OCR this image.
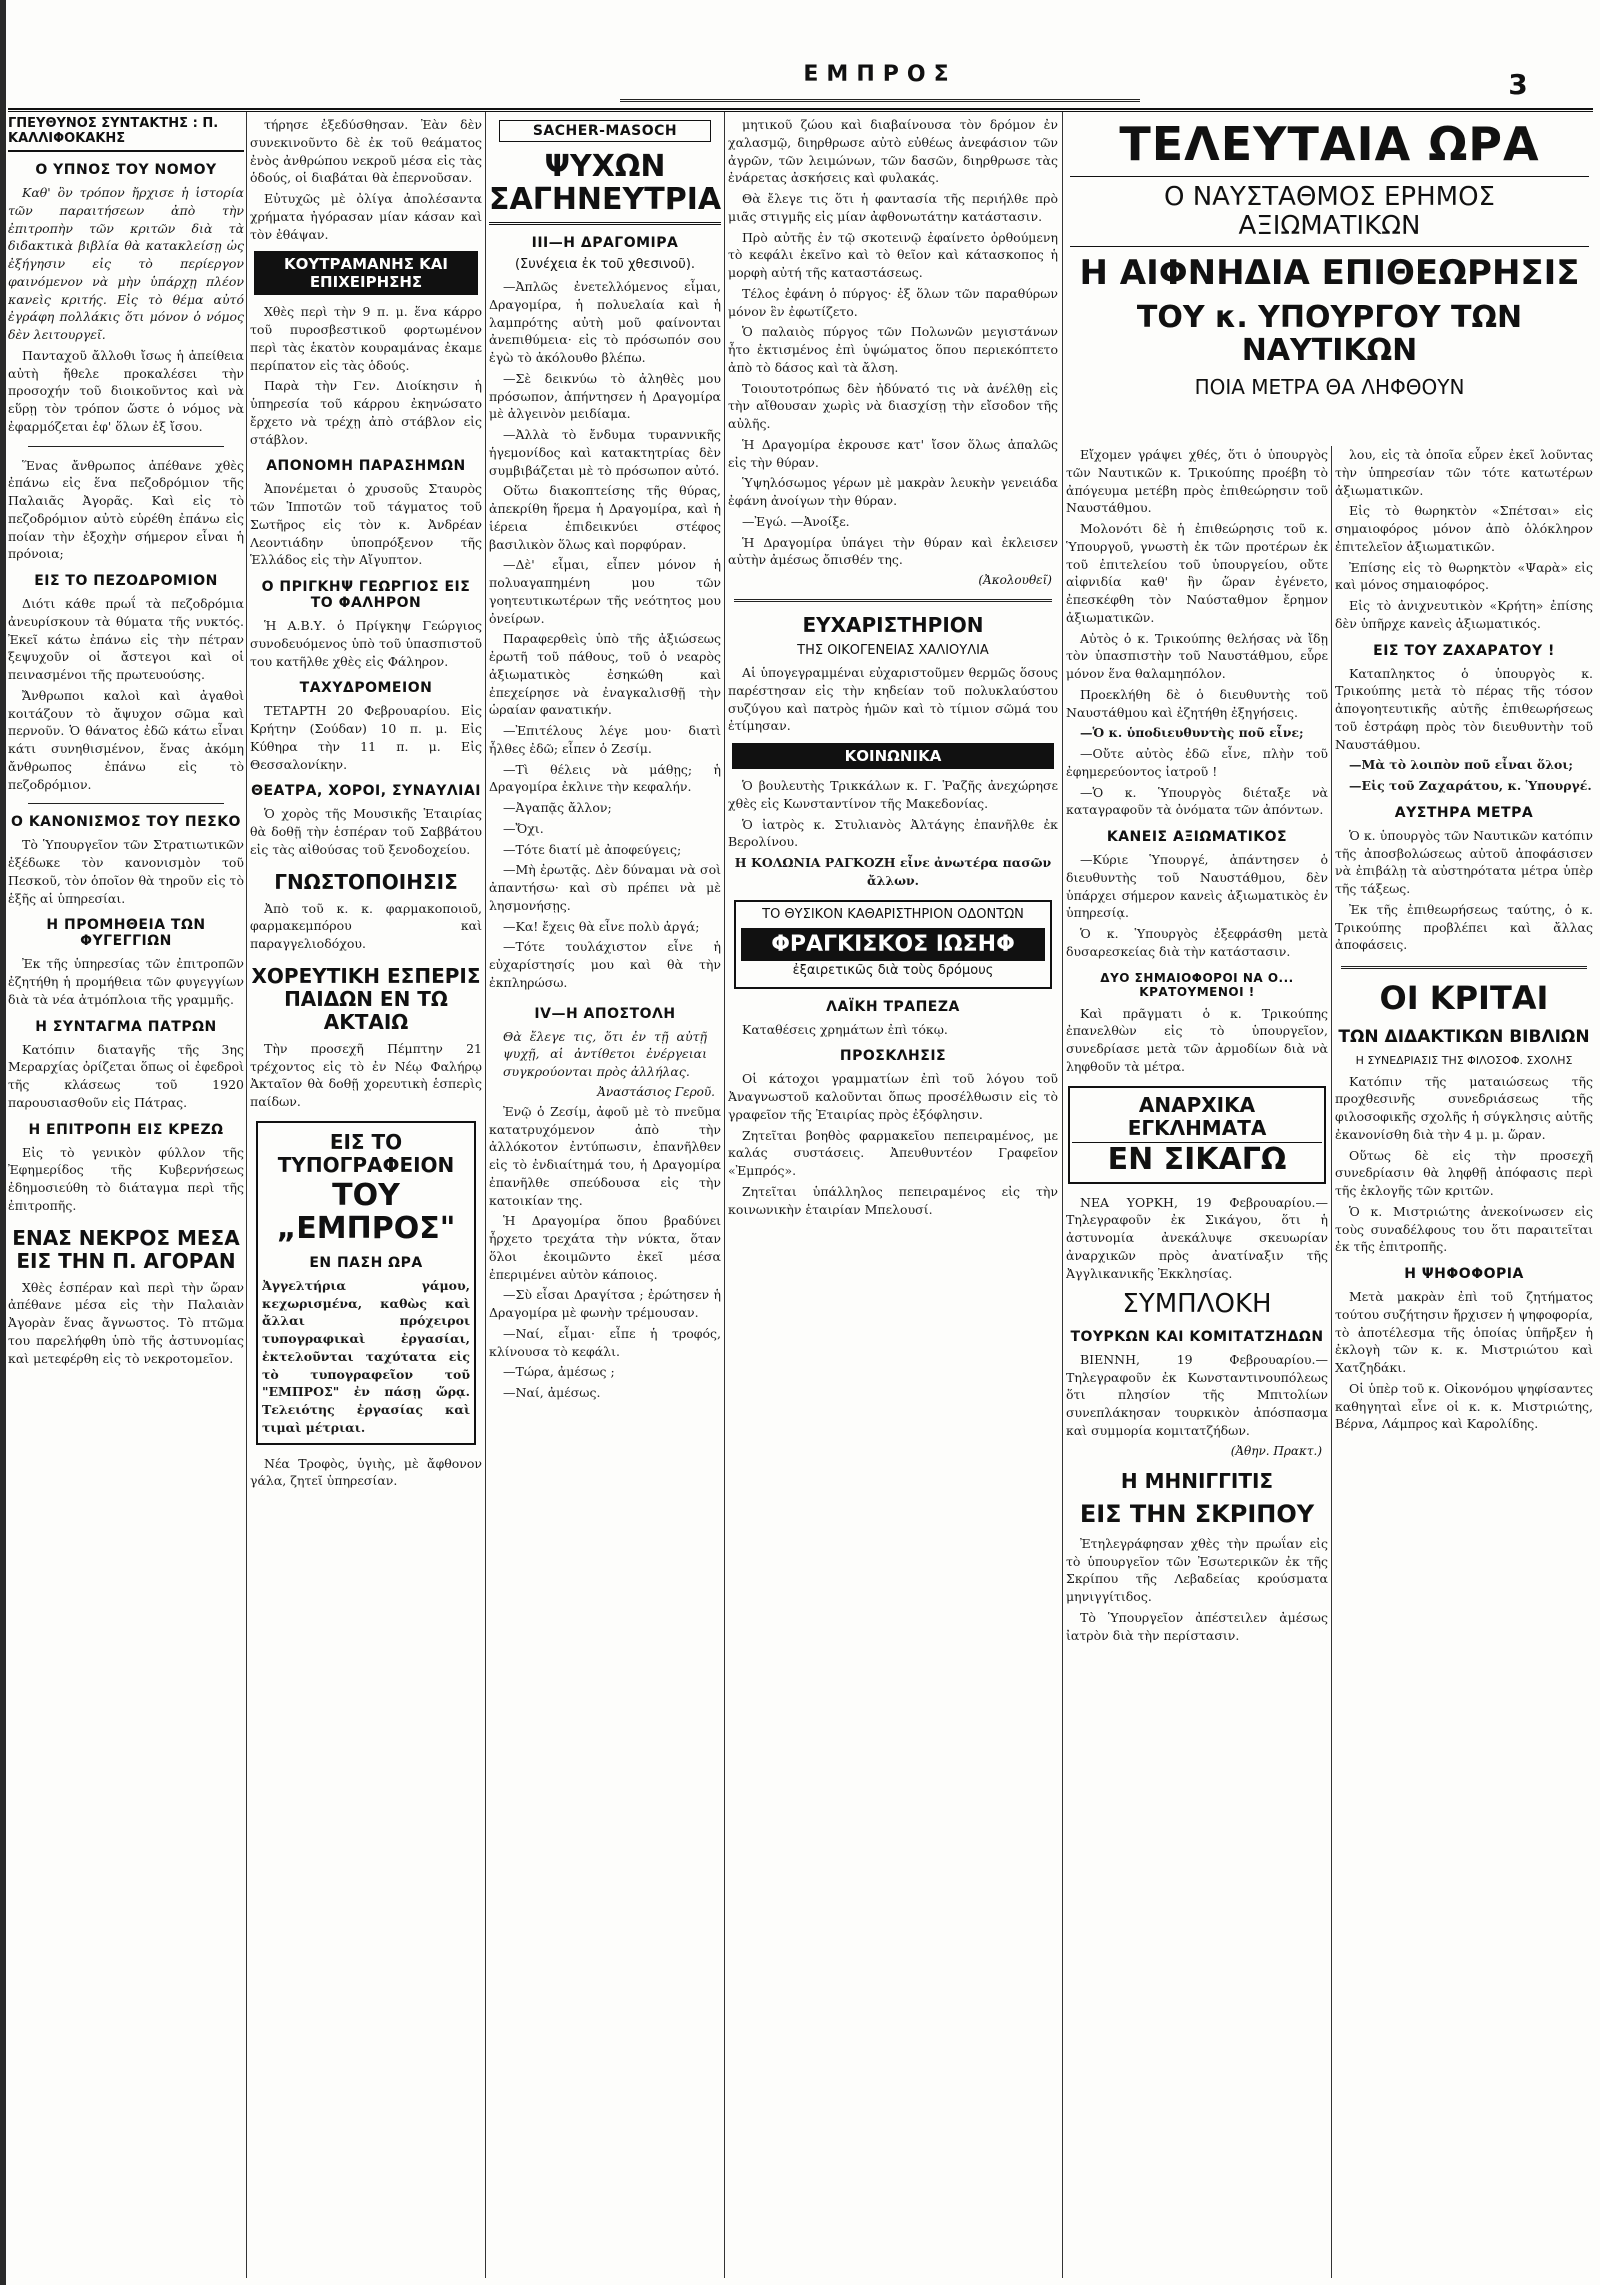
ΕΜΠΡΟΣ	3
ΓΠΕΥΘΥΝΟΣ ΣΥΝΤΑΚΤΗΣ : Π. ΚΑΛΛΙΦΟΚΑΚΗΣ
Ο ΥΠΝΟΣ ΤΟΥ ΝΟΜΟΥ

Καθ' ὃν τρόπον ἤρχισε ἡ ἱστορία τῶν παραιτήσεων ἀπὸ τὴν ἐπιτροπὴν τῶν κριτῶν διὰ τὰ διδακτικὰ βιβλία θὰ κατακλείσῃ ὡς ἐξήγησιν εἰς τὸ περίεργον φαινόμενον νὰ μὴν ὑπάρχῃ πλέον κανεὶς κριτής. Εἰς τὸ θέμα αὐτό ἐγράφη πολλάκις ὅτι μόνον ὁ νόμος δὲν λειτουργεῖ.

Πανταχοῦ ἄλλοθι ἴσως ἡ ἀπείθεια αὐτὴ ἤθελε προκαλέσει τὴν προσοχήν τοῦ διοικοῦντος καὶ νὰ εὕρῃ τὸν τρόπον ὥστε ὁ νόμος νὰ ἐφαρμόζεται ἐφ' ὅλων ἐξ ἴσου.

Ἕνας ἄνθρωπος ἀπέθανε χθὲς ἐπάνω εἰς ἕνα πεζοδρόμιον τῆς Παλαιᾶς Ἀγορᾶς. Καὶ εἰς τὸ πεζοδρόμιον αὐτὸ εὑρέθη ἐπάνω εἰς ποίαν τὴν ἐξοχὴν σήμερον εἶναι ἡ πρόνοια;

ΕΙΣ ΤΟ ΠΕΖΟΔΡΟΜΙΟΝ

Διότι κάθε πρωΐ τὰ πεζοδρόμια ἀνευρίσκουν τὰ θύματα τῆς νυκτός. Ἐκεῖ κάτω ἐπάνω εἰς τὴν πέτραν ξεψυχοῦν οἱ ἄστεγοι καὶ οἱ πεινασμένοι τῆς πρωτευούσης.

Ἄνθρωποι καλοὶ καὶ ἀγαθοὶ κοιτάζουν τὸ ἄψυχον σῶμα καὶ περνοῦν. Ὁ θάνατος ἐδῶ κάτω εἶναι κάτι συνηθισμένον, ἕνας ἀκόμη ἄνθρωπος ἐπάνω εἰς τὸ πεζοδρόμιον.

Ο ΚΑΝΟΝΙΣΜΟΣ ΤΟΥ ΠΕΣΚΟ

Τὸ Ὑπουργεῖον τῶν Στρατιωτικῶν ἐξέδωκε τὸν κανονισμὸν τοῦ Πεσκοῦ, τὸν ὁποῖον θὰ τηροῦν εἰς τὸ ἑξῆς αἱ ὑπηρεσίαι.

Η ΠΡΟΜΗΘΕΙΑ ΤΩΝ ΦΥΓΕΓΓΙΩΝ

Ἐκ τῆς ὑπηρεσίας τῶν ἐπιτροπῶν ἐζητήθη ἡ προμήθεια τῶν φυγεγγίων διὰ τὰ νέα ἀτμόπλοια τῆς γραμμῆς.

Η ΣΥΝΤΑΓΜΑ ΠΑΤΡΩΝ

Κατόπιν διαταγῆς τῆς 3ης Μεραρχίας ὀρίζεται ὅπως οἱ ἐφεδροὶ τῆς κλάσεως τοῦ 1920 παρουσιασθοῦν εἰς Πάτρας.

Η ΕΠΙΤΡΟΠΗ ΕΙΣ ΚΡΕΖΩ

Εἰς τὸ γενικὸν φύλλον τῆς Ἐφημερίδος τῆς Κυβερνήσεως ἐδημοσιεύθη τὸ διάταγμα περὶ τῆς ἐπιτροπῆς.

ΕΝΑΣ ΝΕΚΡΟΣ ΜΕΣΑ ΕΙΣ ΤΗΝ Π. ΑΓΟΡΑΝ

Χθὲς ἑσπέραν καὶ περὶ τὴν ὥραν ἀπέθανε μέσα εἰς τὴν Παλαιὰν Ἀγορὰν ἕνας ἄγνωστος. Τὸ πτῶμα του παρελήφθη ὑπὸ τῆς ἀστυνομίας καὶ μετεφέρθη εἰς τὸ νεκροτομεῖον.

τήρησε ἐξεδύσθησαν. Ἐὰν δὲν συνεκινοῦντο δὲ ἐκ τοῦ θεάματος ἐνὸς ἀνθρώπου νεκροῦ μέσα εἰς τὰς ὁδούς, οἱ διαβάται θὰ ἐπερνοῦσαν.

Εὐτυχῶς μὲ ὀλίγα ἀπολέσαντα χρήματα ἠγόρασαν μίαν κάσαν καὶ τὸν ἐθάψαν.

ΚΟΥΤΡΑΜΑΝΗΣ ΚΑΙ ΕΠΙΧΕΙΡΗΣΗΣ

Χθὲς περὶ τὴν 9 π. μ. ἕνα κάρρο τοῦ πυροσβεστικοῦ φορτωμένον περὶ τὰς ἑκατὸν κουραμάνας ἐκαμε περίπατον εἰς τὰς ὁδούς.

Παρὰ τὴν Γεν. Διοίκησιν ἡ ὑπηρεσία τοῦ κάρρου ἐκηνώσατο ἔρχετο νὰ τρέχῃ ἀπὸ στάβλον εἰς στάβλον.

ΑΠΟΝΟΜΗ ΠΑΡΑΣΗΜΩΝ

Ἀπονέμεται ὁ χρυσοῦς Σταυρὸς τῶν Ἱπποτῶν τοῦ τάγματος τοῦ Σωτῆρος εἰς τὸν κ. Ἀνδρέαν Λεοντιάδην ὑποπρόξενον τῆς Ἑλλάδος εἰς τὴν Αἴγυπτον.

Ο ΠΡΙΓΚΗΨ ΓΕΩΡΓΙΟΣ ΕΙΣ ΤΟ ΦΑΛΗΡΟΝ

Ἡ Α.Β.Υ. ὁ Πρίγκηψ Γεώργιος συνοδευόμενος ὑπὸ τοῦ ὑπασπιστοῦ του κατῆλθε χθὲς εἰς Φάληρον.

ΤΑΧΥΔΡΟΜΕΙΟΝ

ΤΕΤΑΡΤΗ 20 Φεβρουαρίου. Εἰς Κρήτην (Σούδαν) 10 π. μ. Εἰς Κύθηρα τὴν 11 π. μ. Εἰς Θεσσαλονίκην.

ΘΕΑΤΡΑ, ΧΟΡΟΙ, ΣΥΝΑΥΛΙΑΙ

Ὁ χορὸς τῆς Μουσικῆς Ἑταιρίας θὰ δοθῇ τὴν ἑσπέραν τοῦ Σαββάτου εἰς τὰς αἰθούσας τοῦ ξενοδοχείου.

ΓΝΩΣΤΟΠΟΙΗΣΙΣ

Ἀπὸ τοῦ κ. κ. φαρμακοποιοῦ, φαρμακεμπόρου καὶ παραγγελιοδόχου.

ΧΟΡΕΥΤΙΚΗ ΕΣΠΕΡΙΣ ΠΑΙΔΩΝ ΕΝ ΤΩ ΑΚΤΑΙΩ

Τὴν προσεχῆ Πέμπτην 21 τρέχοντος εἰς τὸ ἐν Νέῳ Φαλήρῳ Ἀκταῖον θὰ δοθῇ χορευτικὴ ἑσπερὶς παίδων.

ΕΙΣ ΤΟ ΤΥΠΟΓΡΑΦΕΙΟΝ
ΤΟΥ „ΕΜΠΡΟΣ"
ΕΝ ΠΑΣΗ ΩΡΑ

Ἀγγελτήρια γάμου, κεχωρισμένα, καθὼς καὶ ἄλλαι πρόχειροι τυπογραφικαὶ ἐργασίαι, ἐκτελοῦνται ταχύτατα εἰς τὸ τυπογραφεῖον τοῦ "ΕΜΠΡΟΣ" ἐν πάσῃ ὥρᾳ. Τελειότης ἐργασίας καὶ τιμαὶ μέτριαι.

Νέα Τροφὸς, ὑγιὴς, μὲ ἄφθονον γάλα, ζητεῖ ὑπηρεσίαν.

SACHER-MASOCH
ΨΥΧΩΝ ΣΑΓΗΝΕΥΤΡΙΑ
III—Η ΔΡΑΓΟΜΙΡΑ
(Συνέχεια ἐκ τοῦ χθεσινοῦ).

—Ἀπλῶς ἐνετελλόμενος εἶμαι, Δραγομίρα, ἡ πολυελαία καὶ ἡ λαμπρότης αὐτὴ μοῦ φαίνονται ἀνεπιθύμεια· εἰς τὸ πρόσωπόν σου ἐγὼ τὸ ἀκόλουθο βλέπω.

—Σὲ δεικνύω τὸ ἀληθὲς μου πρόσωπον, ἀπήντησεν ἡ Δραγομίρα μὲ ἀλγεινὸν μειδίαμα.

—Ἀλλὰ τὸ ἔνδυμα τυραννικῆς ἡγεμονίδος καὶ κατακτητρίας δὲν συμβιβάζεται μὲ τὸ πρόσωπον αὐτό.

Οὕτω διακοπτείσης τῆς θύρας, ἀπεκρίθη ἥρεμα ἡ Δραγομίρα, καὶ ἡ ἱέρεια ἐπιδεικνύει στέφος βασιλικὸν ὅλως καὶ πορφύραν.

—Δὲ' εἶμαι, εἶπεν μόνον ἡ πολυαγαπημένη μου τῶν γοητευτικωτέρων τῆς νεότητος μου ὀνείρων.

Παραφερθεὶς ὑπὸ τῆς ἀξιώσεως ἐρωτῆ τοῦ πάθους, τοῦ ὁ νεαρὸς ἀξιωματικὸς ἐσηκώθη καὶ ἐπεχείρησε νὰ ἐναγκαλισθῇ τὴν ὡραίαν φανατικήν.

—Ἐπιτέλους λέγε μου· διατὶ ἦλθες ἐδῶ; εἶπεν ὁ Ζεσίμ.

—Τὶ θέλεις νὰ μάθῃς; ἡ Δραγομίρα ἐκλινε τὴν κεφαλήν.

—Ἀγαπᾷς ἄλλον;

—Ὄχι.

—Τότε διατί μὲ ἀποφεύγεις;

—Μὴ ἐρωτᾷς. Δὲν δύναμαι νὰ σοὶ ἀπαντήσω· καὶ σὺ πρέπει νὰ μὲ λησμονήσῃς.

—Κα! ἔχεις θὰ εἶνε πολὺ ἀργά;

—Τότε τουλάχιστον εἶνε ἡ εὐχαρίστησίς μου καὶ θὰ τὴν ἐκπληρώσω.

IV—Η ΑΠΟΣΤΟΛΗ

Θὰ ἔλεγε τις, ὅτι ἐν τῇ αὐτῇ ψυχῇ, αἱ ἀντίθετοι ἐνέργειαι συγκρούονται πρὸς ἀλλήλας.

Ἀναστάσιος Γεροῦ.

Ἐνῷ ὁ Ζεσίμ, ἀφοῦ μὲ τὸ πνεῦμα κατατρυχόμενον ἀπὸ τὴν ἀλλόκοτον ἐντύπωσιν, ἐπανῆλθεν εἰς τὸ ἐνδιαίτημά του, ἡ Δραγομίρα ἐπανῆλθε σπεύδουσα εἰς τὴν κατοικίαν της.

Ἡ Δραγομίρα ὅπου βραδύνει ἦρχετο τρεχάτα τὴν νύκτα, ὅταν ὅλοι ἐκοιμῶντο ἐκεῖ μέσα ἐπεριμένει αὐτὸν κάποιος.

—Σὺ εἶσαι Δραγίτσα ; ἐρώτησεν ἡ Δραγομίρα μὲ φωνὴν τρέμουσαν.

—Ναί, εἶμαι· εἶπε ἡ τροφός, κλίνουσα τὸ κεφάλι.

—Τώρα, ἀμέσως ;

—Ναί, ἀμέσως.

μητικοῦ ζώου καὶ διαβαίνουσα τὸν δρόμον ἐν χαλασμῷ, διηρθρωσε αὐτὸ εὐθέως ἀνεφάσιον τῶν ἀγρῶν, τῶν λειμώνων, τῶν δασῶν, διηρθρωσε τὰς ἐνάρετας ἀσκήσεις καὶ φυλακάς.

Θὰ ἔλεγε τις ὅτι ἡ φαντασία τῆς περιήλθε πρὸ μιᾶς στιγμῆς εἰς μίαν ἀφθονωτάτην κατάστασιν.

Πρὸ αὐτῆς ἐν τῷ σκοτεινῷ ἐφαίνετο ὀρθούμενη τὸ κεφάλι ἐκεῖνο καὶ τὸ θεῖον καὶ κάτασκοπος ἡ μορφὴ αὐτή τῆς καταστάσεως.

Τέλος ἐφάνη ὁ πύργος· ἐξ ὅλων τῶν παραθύρων μόνον ἓν ἐφωτίζετο.

Ὁ παλαιὸς πύργος τῶν Πολωνῶν μεγιστάνων ἦτο ἐκτισμένος ἐπὶ ὑψώματος ὅπου περιεκόπτετο ἀπὸ τὸ δάσος καὶ τὰ ἄλση.

Τοιουτοτρόπως δὲν ἠδύνατό τις νὰ ἀνέλθῃ εἰς τὴν αἴθουσαν χωρὶς νὰ διασχίσῃ τὴν εἴσοδον τῆς αὐλῆς.

Ἡ Δραγομίρα ἐκρουσε κατ' ἴσον ὅλως ἀπαλῶς εἰς τὴν θύραν.

Ὑψηλόσωμος γέρων μὲ μακρὰν λευκὴν γενειάδα ἐφάνη ἀνοίγων τὴν θύραν.

—Ἐγώ. —Ἀνοίξε.

Ἡ Δραγομίρα ὑπάγει τὴν θύραν καὶ ἐκλεισεν αὐτὴν ἀμέσως ὄπισθέν της.

(Ἀκολουθεῖ)
ΕΥΧΑΡΙΣΤΗΡΙΟΝ
ΤΗΣ ΟΙΚΟΓΕΝΕΙΑΣ ΧΑΛΙΟΥΛΙΑ

Αἱ ὑπογεγραμμέναι εὐχαριστοῦμεν θερμῶς ὅσους παρέστησαν εἰς τὴν κηδείαν τοῦ πολυκλαύστου συζύγου καὶ πατρὸς ἡμῶν καὶ τὸ τίμιον σῶμά του ἐτίμησαν.

ΚΟΙΝΩΝΙΚΑ

Ὁ βουλευτὴς Τρικκάλων κ. Γ. Ῥαζῆς ἀνεχώρησε χθὲς εἰς Κωνσταντίνον τῆς Μακεδονίας.

Ὁ ἰατρὸς κ. Στυλιανὸς Ἀλτάγης ἐπανῆλθε ἐκ Βερολίνου.

Η ΚΟΛΩΝΙΑ ΡΑΓΚΟΖΗ εἶνε ἀνωτέρα πασῶν ἄλλων.

ΤΟ ΘΥΣΙΚΟΝ ΚΑΘΑΡΙΣΤΗΡΙΟΝ ΟΔΟΝΤΩΝ
ΦΡΑΓΚΙΣΚΟΣ ΙΩΣΗΦ
ἐξαιρετικῶς διὰ τοὺς δρόμους
ΛΑΪΚΗ ΤΡΑΠΕΖΑ

Καταθέσεις χρημάτων ἐπὶ τόκῳ.

ΠΡΟΣΚΛΗΣΙΣ

Οἱ κάτοχοι γραμματίων ἐπὶ τοῦ λόγου τοῦ Ἀναγνωστοῦ καλοῦνται ὅπως προσέλθωσιν εἰς τὸ γραφεῖον τῆς Ἐταιρίας πρὸς ἐξόφλησιν.

Ζητεῖται βοηθὸς φαρμακεῖου πεπειραμένος, με καλάς συστάσεις. Ἀπευθυντέον Γραφεῖον «Ἐμπρός».

Ζητεῖται ὑπάλληλος πεπειραμένος εἰς τὴν κοινωνικὴν ἑταιρίαν Μπελουσί.

ΤΕΛΕΥΤΑΙΑ ΩΡΑ
Ο ΝΑΥΣΤΑΘΜΟΣ ΕΡΗΜΟΣ ΑΞΙΩΜΑΤΙΚΩΝ
Η ΑΙΦΝΗΔΙΑ ΕΠΙΘΕΩΡΗΣΙΣ
ΤΟΥ κ. ΥΠΟΥΡΓΟΥ ΤΩΝ ΝΑΥΤΙΚΩΝ
ΠΟΙΑ ΜΕΤΡΑ ΘΑ ΛΗΦΘΟΥΝ

Εἴχομεν γράψει χθές, ὅτι ὁ ὑπουργὸς τῶν Ναυτικῶν κ. Τρικούπης προέβη τὸ ἀπόγευμα μετέβη πρὸς ἐπιθεώρησιν τοῦ Ναυστάθμου.

Μολονότι δὲ ἡ ἐπιθεώρησις τοῦ κ. Ὑπουργοῦ, γνωστὴ ἐκ τῶν προτέρων ἐκ τοῦ ἐπιτελείου τοῦ ὑπουργείου, οὔτε αἰφνιδία καθ' ἣν ὥραν ἐγένετο, ἐπεσκέφθη τὸν Ναύσταθμον ἔρημον ἀξιωματικῶν.

Αὐτὸς ὁ κ. Τρικούπης θελήσας νὰ ἴδῃ τὸν ὑπασπιστὴν τοῦ Ναυστάθμου, εὗρε μόνον ἕνα θαλαμηπόλον.

Προεκλήθη δὲ ὁ διευθυντὴς τοῦ Ναυστάθμου καὶ ἐζητήθη ἐξηγήσεις.

—Ὁ κ. ὑποδιευθυντὴς ποῦ εἶνε;

—Οὔτε αὐτὸς ἐδῶ εἶνε, πλὴν τοῦ ἐφημερεύοντος ἰατροῦ !

—Ὁ κ. Ὑπουργὸς διέταξε νὰ καταγραφοῦν τὰ ὀνόματα τῶν ἀπόντων.

ΚΑΝΕΙΣ ΑΞΙΩΜΑΤΙΚΟΣ

—Κύριε Ὑπουργέ, ἀπάντησεν ὁ διευθυντὴς τοῦ Ναυστάθμου, δὲν ὑπάρχει σήμερον κανεὶς ἀξιωματικὸς ἐν ὑπηρεσίᾳ.

Ὁ κ. Ὑπουργὸς ἐξεφράσθη μετὰ δυσαρεσκείας διὰ τὴν κατάστασιν.

ΔΥΟ ΣΗΜΑΙΟΦΟΡΟΙ ΝΑ Ο... ΚΡΑΤΟΥΜΕΝΟΙ !

Καὶ πρᾶγματι ὁ κ. Τρικούπης ἐπανελθὼν εἰς τὸ ὑπουργεῖον, συνεδρίασε μετὰ τῶν ἀρμοδίων διὰ νὰ ληφθοῦν τὰ μέτρα.

ΑΝΑΡΧΙΚΑ ΕΓΚΛΗΜΑΤΑ
ΕΝ ΣΙΚΑΓΩ

ΝΕΑ ΥΟΡΚΗ, 19 Φεβρουαρίου.— Τηλεγραφοῦν ἐκ Σικάγου, ὅτι ἡ ἀστυνομία ἀνεκάλυψε σκευωρίαν ἀναρχικῶν πρὸς ἀνατίναξιν τῆς Ἀγγλικανικῆς Ἐκκλησίας.

ΣΥΜΠΛΟΚΗ
ΤΟΥΡΚΩΝ ΚΑΙ ΚΟΜΙΤΑΤΖΗΔΩΝ

ΒΙΕΝΝΗ, 19 Φεβρουαρίου.— Τηλεγραφοῦν ἐκ Κωνσταντινουπόλεως ὅτι πλησίον τῆς Μπιτολίων συνεπλάκησαν τουρκικὸν ἀπόσπασμα καὶ συμμορία κομιτατζήδων.

(Ἀθην. Πρακτ.)
Η ΜΗΝΙΓΓΙΤΙΣ
ΕΙΣ ΤΗΝ ΣΚΡΙΠΟΥ

Ἐτηλεγράφησαν χθὲς τὴν πρωΐαν εἰς τὸ ὑπουργεῖον τῶν Ἐσωτερικῶν ἐκ τῆς Σκρίπου τῆς Λεβαδείας κρούσματα μηνιγγίτιδος.

Τὸ Ὑπουργεῖον ἀπέστειλεν ἀμέσως ἰατρὸν διὰ τὴν περίστασιν.

λου, εἰς τὰ ὁποῖα εὗρεν ἐκεῖ λοῦντας τὴν ὑπηρεσίαν τῶν τότε κατωτέρων ἀξιωματικῶν.

Εἰς τὸ θωρηκτὸν «Σπέτσαι» εἰς σημαιοφόρος μόνον ἀπὸ ὁλόκληρον ἐπιτελεῖον ἀξιωματικῶν.

Ἐπίσης εἰς τὸ θωρηκτὸν «Ψαρὰ» εἰς καὶ μόνος σημαιοφόρος.

Εἰς τὸ ἀνιχνευτικὸν «Κρήτη» ἐπίσης δὲν ὑπῆρχε κανεὶς ἀξιωματικός.

ΕΙΣ ΤΟΥ ΖΑΧΑΡΑΤΟΥ !

Καταπληκτος ὁ ὑπουργὸς κ. Τρικούπης μετὰ τὸ πέρας τῆς τόσον ἀπογοητευτικῆς αὐτῆς ἐπιθεωρήσεως τοῦ ἐστράφη πρὸς τὸν διευθυντὴν τοῦ Ναυστάθμου.

—Μὰ τὸ λοιπὸν ποῦ εἶναι ὅλοι;

—Εἰς τοῦ Ζαχαράτου, κ. Ὑπουργέ.

ΑΥΣΤΗΡΑ ΜΕΤΡΑ

Ὁ κ. ὑπουργὸς τῶν Ναυτικῶν κατόπιν τῆς ἀποσβολώσεως αὐτοῦ ἀποφάσισεν νὰ ἐπιβάλῃ τὰ αὐστηρότατα μέτρα ὑπὲρ τῆς τάξεως.

Ἐκ τῆς ἐπιθεωρήσεως ταύτης, ὁ κ. Τρικούπης προβλέπει καὶ ἄλλας ἀποφάσεις.

ΟΙ ΚΡΙΤΑΙ
ΤΩΝ ΔΙΔΑΚΤΙΚΩΝ ΒΙΒΛΙΩΝ
Η ΣΥΝΕΔΡΙΑΣΙΣ ΤΗΣ ΦΙΛΟΣΟΦ. ΣΧΟΛΗΣ

Κατόπιν τῆς ματαιώσεως τῆς προχθεσινῆς συνεδριάσεως τῆς φιλοσοφικῆς σχολῆς ἡ σύγκλησις αὐτῆς ἐκανονίσθη διὰ τὴν 4 μ. μ. ὥραν.

Οὕτως δὲ εἰς τὴν προσεχῆ συνεδρίασιν θὰ ληφθῇ ἀπόφασις περὶ τῆς ἐκλογῆς τῶν κριτῶν.

Ὁ κ. Μιστριώτης ἀνεκοίνωσεν εἰς τοὺς συναδέλφους του ὅτι παραιτεῖται ἐκ τῆς ἐπιτροπῆς.

Η ΨΗΦΟΦΟΡΙΑ

Μετὰ μακρὰν ἐπὶ τοῦ ζητήματος τούτου συζήτησιν ἤρχισεν ἡ ψηφοφορία, τὸ ἀποτέλεσμα τῆς ὁποίας ὑπῆρξεν ἡ ἐκλογὴ τῶν κ. κ. Μιστριώτου καὶ Χατζηδάκι.

Οἱ ὑπὲρ τοῦ κ. Οἰκονόμου ψηφίσαντες καθηγηταὶ εἶνε οἱ κ. κ. Μιστριώτης, Βέρνα, Λάμπρος καὶ Καρολίδης.
